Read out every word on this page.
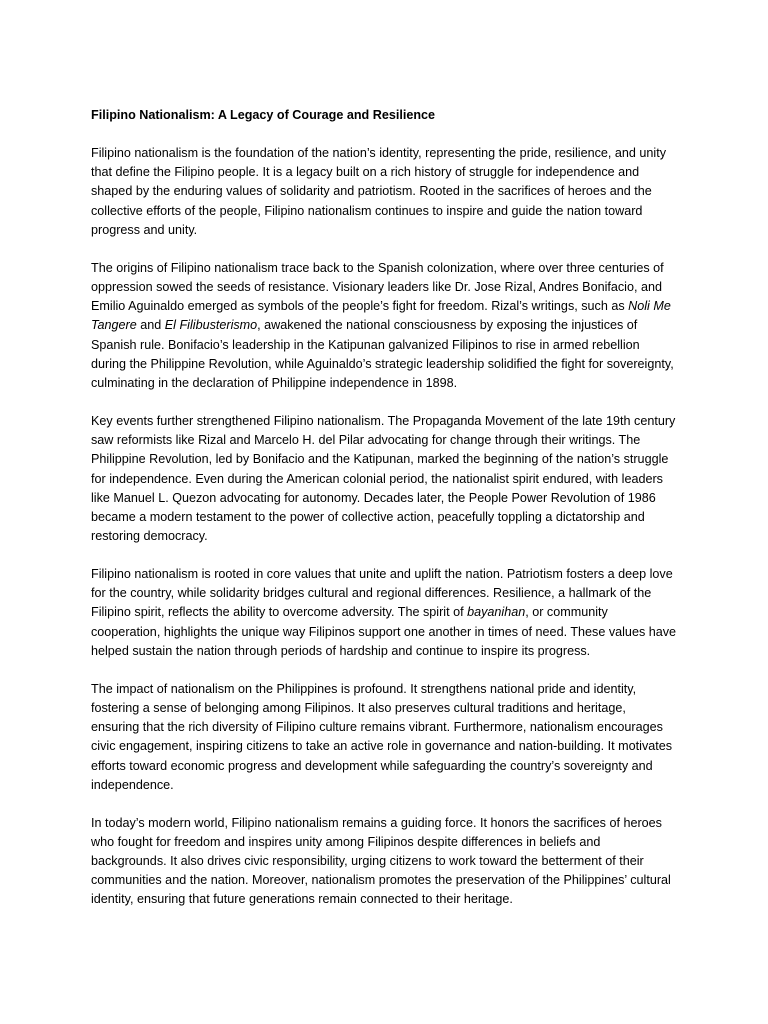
Filipino Nationalism: A Legacy of Courage and Resilience

Filipino nationalism is the foundation of the nation’s identity, representing the pride, resilience, and unity that define the Filipino people. It is a legacy built on a rich history of struggle for independence and shaped by the enduring values of solidarity and patriotism. Rooted in the sacrifices of heroes and the collective efforts of the people, Filipino nationalism continues to inspire and guide the nation toward progress and unity.

The origins of Filipino nationalism trace back to the Spanish colonization, where over three centuries of oppression sowed the seeds of resistance. Visionary leaders like Dr. Jose Rizal, Andres Bonifacio, and Emilio Aguinaldo emerged as symbols of the people’s fight for freedom. Rizal’s writings, such as Noli Me Tangere and El Filibusterismo, awakened the national consciousness by exposing the injustices of Spanish rule. Bonifacio’s leadership in the Katipunan galvanized Filipinos to rise in armed rebellion during the Philippine Revolution, while Aguinaldo’s strategic leadership solidified the fight for sovereignty, culminating in the declaration of Philippine independence in 1898.

Key events further strengthened Filipino nationalism. The Propaganda Movement of the late 19th century saw reformists like Rizal and Marcelo H. del Pilar advocating for change through their writings. The Philippine Revolution, led by Bonifacio and the Katipunan, marked the beginning of the nation’s struggle for independence. Even during the American colonial period, the nationalist spirit endured, with leaders like Manuel L. Quezon advocating for autonomy. Decades later, the People Power Revolution of 1986 became a modern testament to the power of collective action, peacefully toppling a dictatorship and restoring democracy.

Filipino nationalism is rooted in core values that unite and uplift the nation. Patriotism fosters a deep love for the country, while solidarity bridges cultural and regional differences. Resilience, a hallmark of the Filipino spirit, reflects the ability to overcome adversity. The spirit of bayanihan, or community cooperation, highlights the unique way Filipinos support one another in times of need. These values have helped sustain the nation through periods of hardship and continue to inspire its progress.

The impact of nationalism on the Philippines is profound. It strengthens national pride and identity, fostering a sense of belonging among Filipinos. It also preserves cultural traditions and heritage, ensuring that the rich diversity of Filipino culture remains vibrant. Furthermore, nationalism encourages civic engagement, inspiring citizens to take an active role in governance and nation-building. It motivates efforts toward economic progress and development while safeguarding the country’s sovereignty and independence.

In today’s modern world, Filipino nationalism remains a guiding force. It honors the sacrifices of heroes who fought for freedom and inspires unity among Filipinos despite differences in beliefs and backgrounds. It also drives civic responsibility, urging citizens to work toward the betterment of their communities and the nation. Moreover, nationalism promotes the preservation of the Philippines’ cultural identity, ensuring that future generations remain connected to their heritage.
